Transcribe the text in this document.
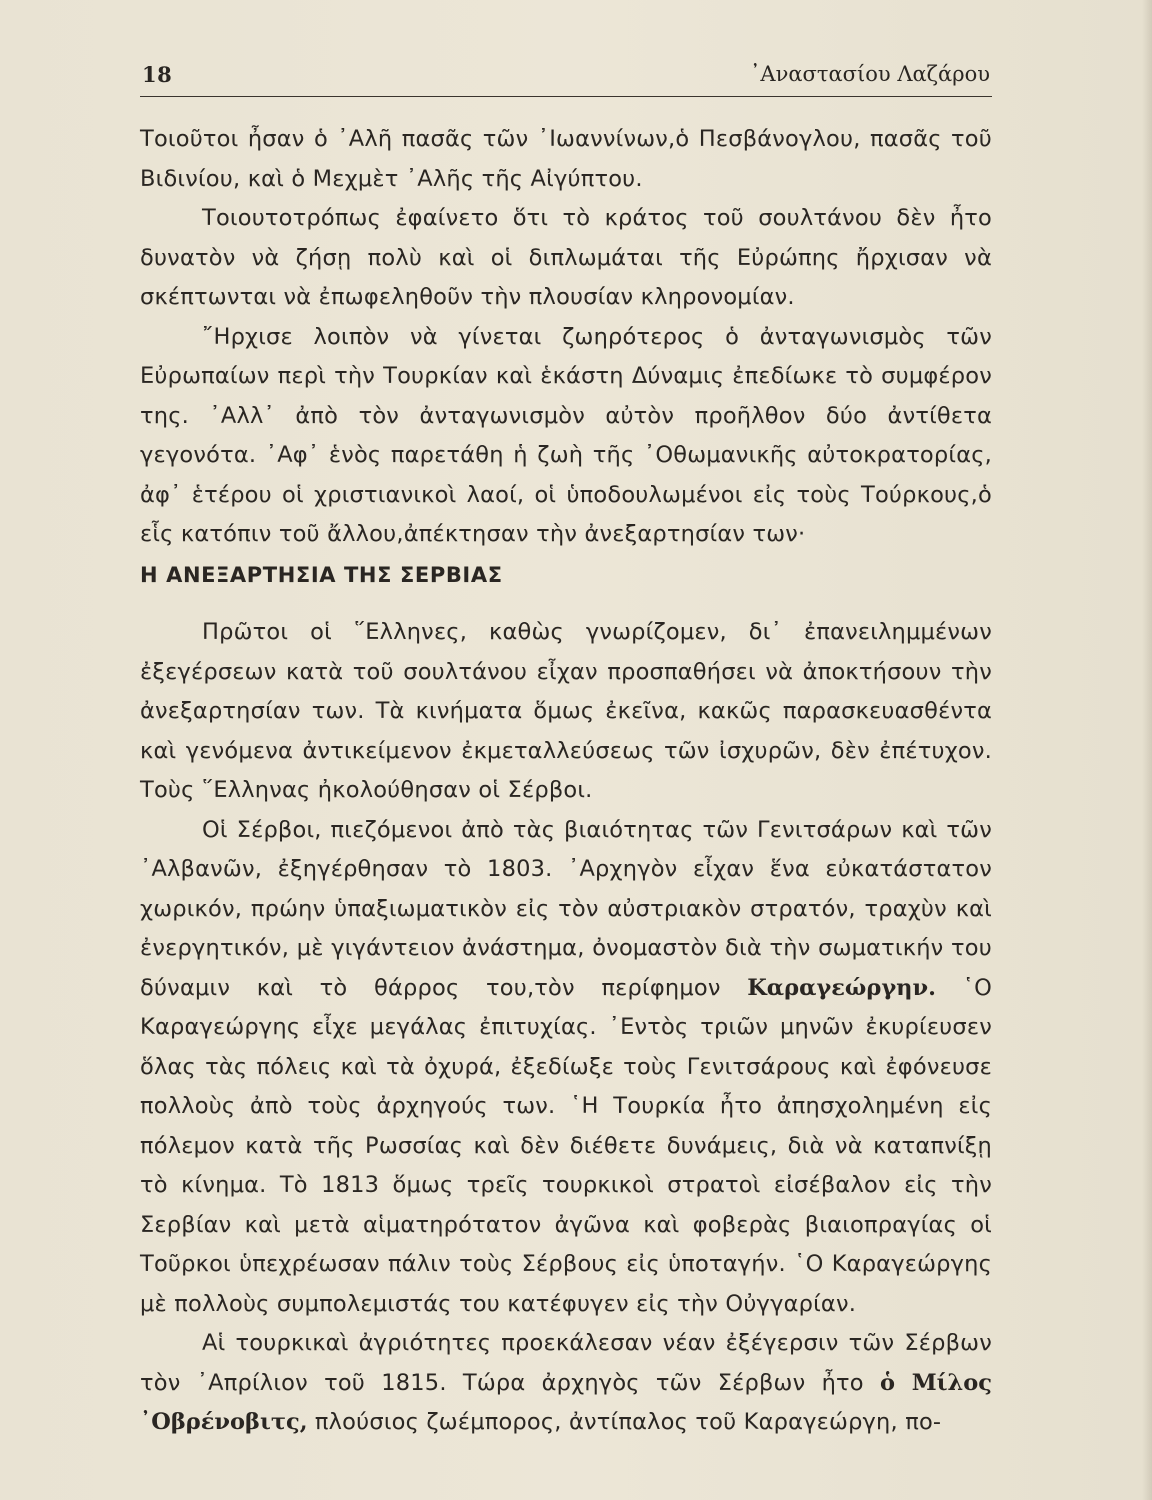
18	᾿Αναστασίου Λαζάρου

Τοιοῦτοι ἦσαν ὁ ᾿Αλῆ πασᾶς τῶν ᾿Ιωαννίνων,ὁ Πεσβάνογλου, πασᾶς τοῦ Βιδινίου, καὶ ὁ Μεχμὲτ ᾿Αλῆς τῆς Αἰγύπτου.

Τοιουτοτρόπως ἐφαίνετο ὅτι τὸ κράτος τοῦ σουλτάνου δὲν ἦτο δυνατὸν νὰ ζήσῃ πολὺ καὶ οἱ διπλωμάται τῆς Εὐρώπης ἤρχισαν νὰ σκέπτωνται νὰ ἐπωφεληθοῦν τὴν πλουσίαν κληρονομίαν.

῎Ηρχισε λοιπὸν νὰ γίνεται ζωηρότερος ὁ ἀνταγωνισμὸς τῶν Εὐρωπαίων περὶ τὴν Τουρκίαν καὶ ἑκάστη Δύναμις ἐπεδίωκε τὸ συμφέρον της. ᾿Αλλ᾿ ἀπὸ τὸν ἀνταγωνισμὸν αὐτὸν προῆλθον δύο ἀντίθετα γεγονότα. ᾿Αφ᾿ ἑνὸς παρετάθη ἡ ζωὴ τῆς ᾿Οθωμανικῆς αὐτοκρατορίας, ἀφ᾿ ἑτέρου οἱ χριστιανικοὶ λαοί, οἱ ὑποδουλωμένοι εἰς τοὺς Τούρκους,ὁ εἷς κατόπιν τοῦ ἄλλου,ἀπέκτησαν τὴν ἀνεξαρτησίαν των·

Η ΑΝΕΞΑΡΤΗΣΙΑ ΤΗΣ ΣΕΡΒΙΑΣ

Πρῶτοι οἱ ῞Ελληνες, καθὼς γνωρίζομεν, δι᾿ ἐπανειλημμένων ἐξεγέρσεων κατὰ τοῦ σουλτάνου εἶχαν προσπαθήσει νὰ ἀποκτήσουν τὴν ἀνεξαρτησίαν των. Τὰ κινήματα ὅμως ἐκεῖνα, κακῶς παρασκευασθέντα καὶ γενόμενα ἀντικείμενον ἐκμεταλλεύσεως τῶν ἰσχυρῶν, δὲν ἐπέτυχον. Τοὺς ῞Ελληνας ἠκολούθησαν οἱ Σέρβοι.

Οἱ Σέρβοι, πιεζόμενοι ἀπὸ τὰς βιαιότητας τῶν Γενιτσάρων καὶ τῶν ᾿Αλβανῶν, ἐξηγέρθησαν τὸ 1803. ᾿Αρχηγὸν εἶχαν ἕνα εὐκατάστατον χωρικόν, πρώην ὑπαξιωματικὸν εἰς τὸν αὐστριακὸν στρατόν, τραχὺν καὶ ἐνεργητικόν, μὲ γιγάντειον ἀνάστημα, ὀνομαστὸν διὰ τὴν σωματικήν του δύναμιν καὶ τὸ θάρρος του,τὸν περίφημον Καραγεώργην. ῾Ο Καραγεώργης εἶχε μεγάλας ἐπιτυχίας. ᾿Εντὸς τριῶν μηνῶν ἐκυρίευσεν ὅλας τὰς πόλεις καὶ τὰ ὀχυρά, ἐξεδίωξε τοὺς Γενιτσάρους καὶ ἐφόνευσε πολλοὺς ἀπὸ τοὺς ἀρχηγούς των. ῾Η Τουρκία ἦτο ἀπησχολημένη εἰς πόλεμον κατὰ τῆς Ρωσσίας καὶ δὲν διέθετε δυνάμεις, διὰ νὰ καταπνίξῃ τὸ κίνημα. Τὸ 1813 ὅμως τρεῖς τουρκικοὶ στρατοὶ εἰσέβαλον εἰς τὴν Σερβίαν καὶ μετὰ αἱματηρότατον ἀγῶνα καὶ φοβερὰς βιαιοπραγίας οἱ Τοῦρκοι ὑπεχρέωσαν πάλιν τοὺς Σέρβους εἰς ὑποταγήν. ῾Ο Καραγεώργης μὲ πολλοὺς συμπολεμιστάς του κατέφυγεν εἰς τὴν Οὐγγαρίαν.

Αἱ τουρκικαὶ ἀγριότητες προεκάλεσαν νέαν ἐξέγερσιν τῶν Σέρβων τὸν ᾿Απρίλιον τοῦ 1815. Τώρα ἀρχηγὸς τῶν Σέρβων ἦτο ὁ Μίλος ᾿Οβρένοβιτς, πλούσιος ζωέμπορος, ἀντίπαλος τοῦ Καραγεώργη, πο-
